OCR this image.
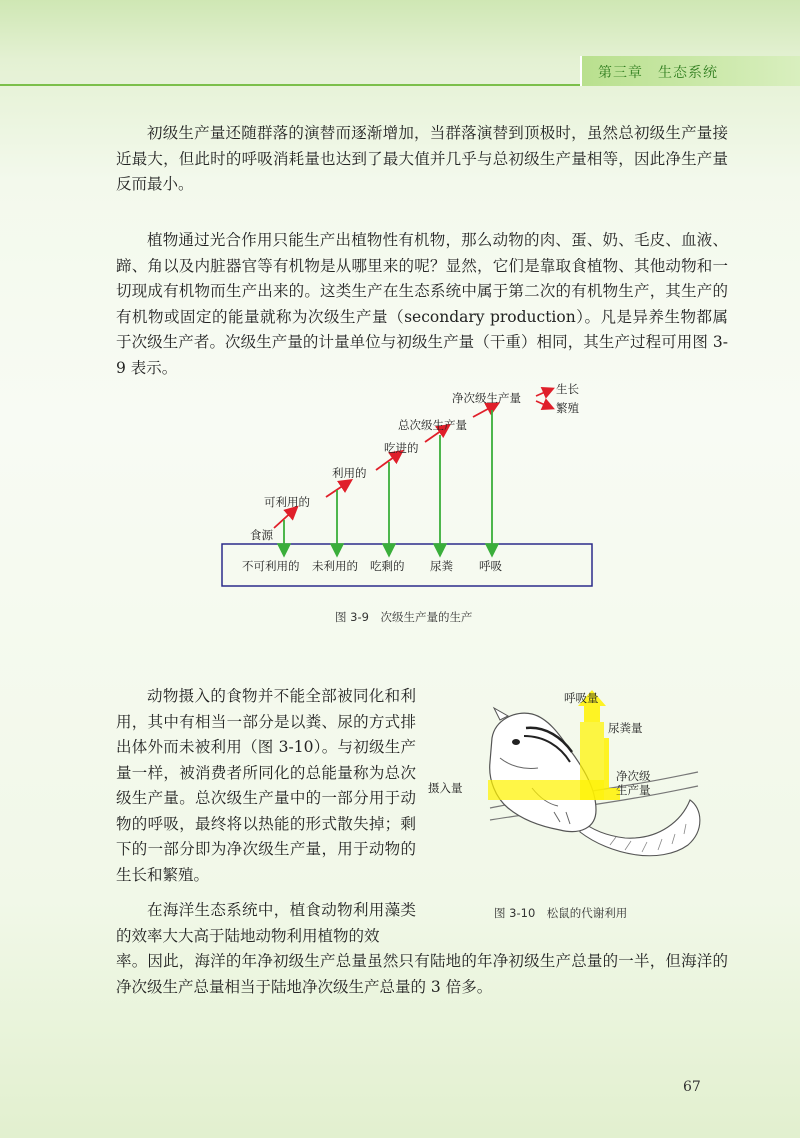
第三章　生态系统

初级生产量还随群落的演替而逐渐增加，当群落演替到顶极时，虽然总初级生产量接近最大，但此时的呼吸消耗量也达到了最大值并几乎与总初级生产量相等，因此净生产量反而最小。

植物通过光合作用只能生产出植物性有机物，那么动物的肉、蛋、奶、毛皮、血液、蹄、角以及内脏器官等有机物是从哪里来的呢？显然，它们是靠取食植物、其他动物和一切现成有机物而生产出来的。这类生产在生态系统中属于第二次的有机物生产，其生产的有机物或固定的能量就称为次级生产量（secondary production）。凡是异养生物都属于次级生产者。次级生产量的计量单位与初级生产量（干重）相同，其生产过程可用图 3-9 表示。

食源
可利用的
利用的
吃进的
总次级生产量
净次级生产量
生长
繁殖
不可利用的 未利用的 吃剩的 尿粪 呼吸
图 3-9　次级生产量的生产

动物摄入的食物并不能全部被同化和利用，其中有相当一部分是以粪、尿的方式排出体外而未被利用（图 3-10）。与初级生产量一样，被消费者所同化的总能量称为总次级生产量。总次级生产量中的一部分用于动物的呼吸，最终将以热能的形式散失掉；剩下的一部分即为净次级生产量，用于动物的生长和繁殖。

在海洋生态系统中，植食动物利用藻类的效率大大高于陆地动物利用植物的效

率。因此，海洋的年净初级生产总量虽然只有陆地的年净初级生产总量的一半，但海洋的净次级生产总量相当于陆地净次级生产总量的 3 倍多。

呼吸量
尿粪量
净次级 生产量
摄入量
图 3-10　松鼠的代谢利用
67
